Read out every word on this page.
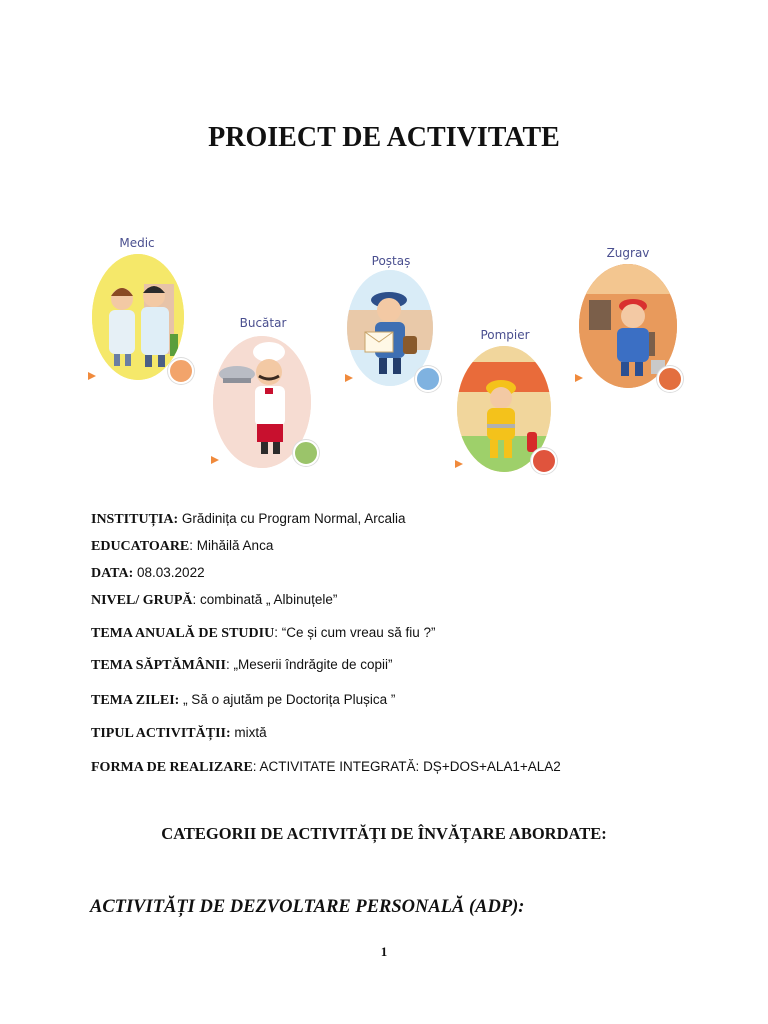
PROIECT DE ACTIVITATE
Medic
Bucătar
Poștaș
Pompier
Zugrav
INSTITUȚIA: Grădinița cu Program Normal, Arcalia
EDUCATOARE: Mihăilă Anca
DATA: 08.03.2022
NIVEL/ GRUPĂ: combinată „ Albinuțele”
TEMA ANUALĂ DE STUDIU: “Ce și cum vreau să fiu ?”
TEMA SĂPTĂMÂNII: „Meserii îndrăgite de copii”
TEMA ZILEI: „ Să o ajutăm pe Doctorița Plușica ”
TIPUL ACTIVITĂȚII: mixtă
FORMA DE REALIZARE: ACTIVITATE INTEGRATĂ: DȘ+DOS+ALA1+ALA2
CATEGORII DE ACTIVITĂȚI DE ÎNVĂȚARE ABORDATE:
ACTIVITĂȚI DE DEZVOLTARE PERSONALĂ (ADP):
1
